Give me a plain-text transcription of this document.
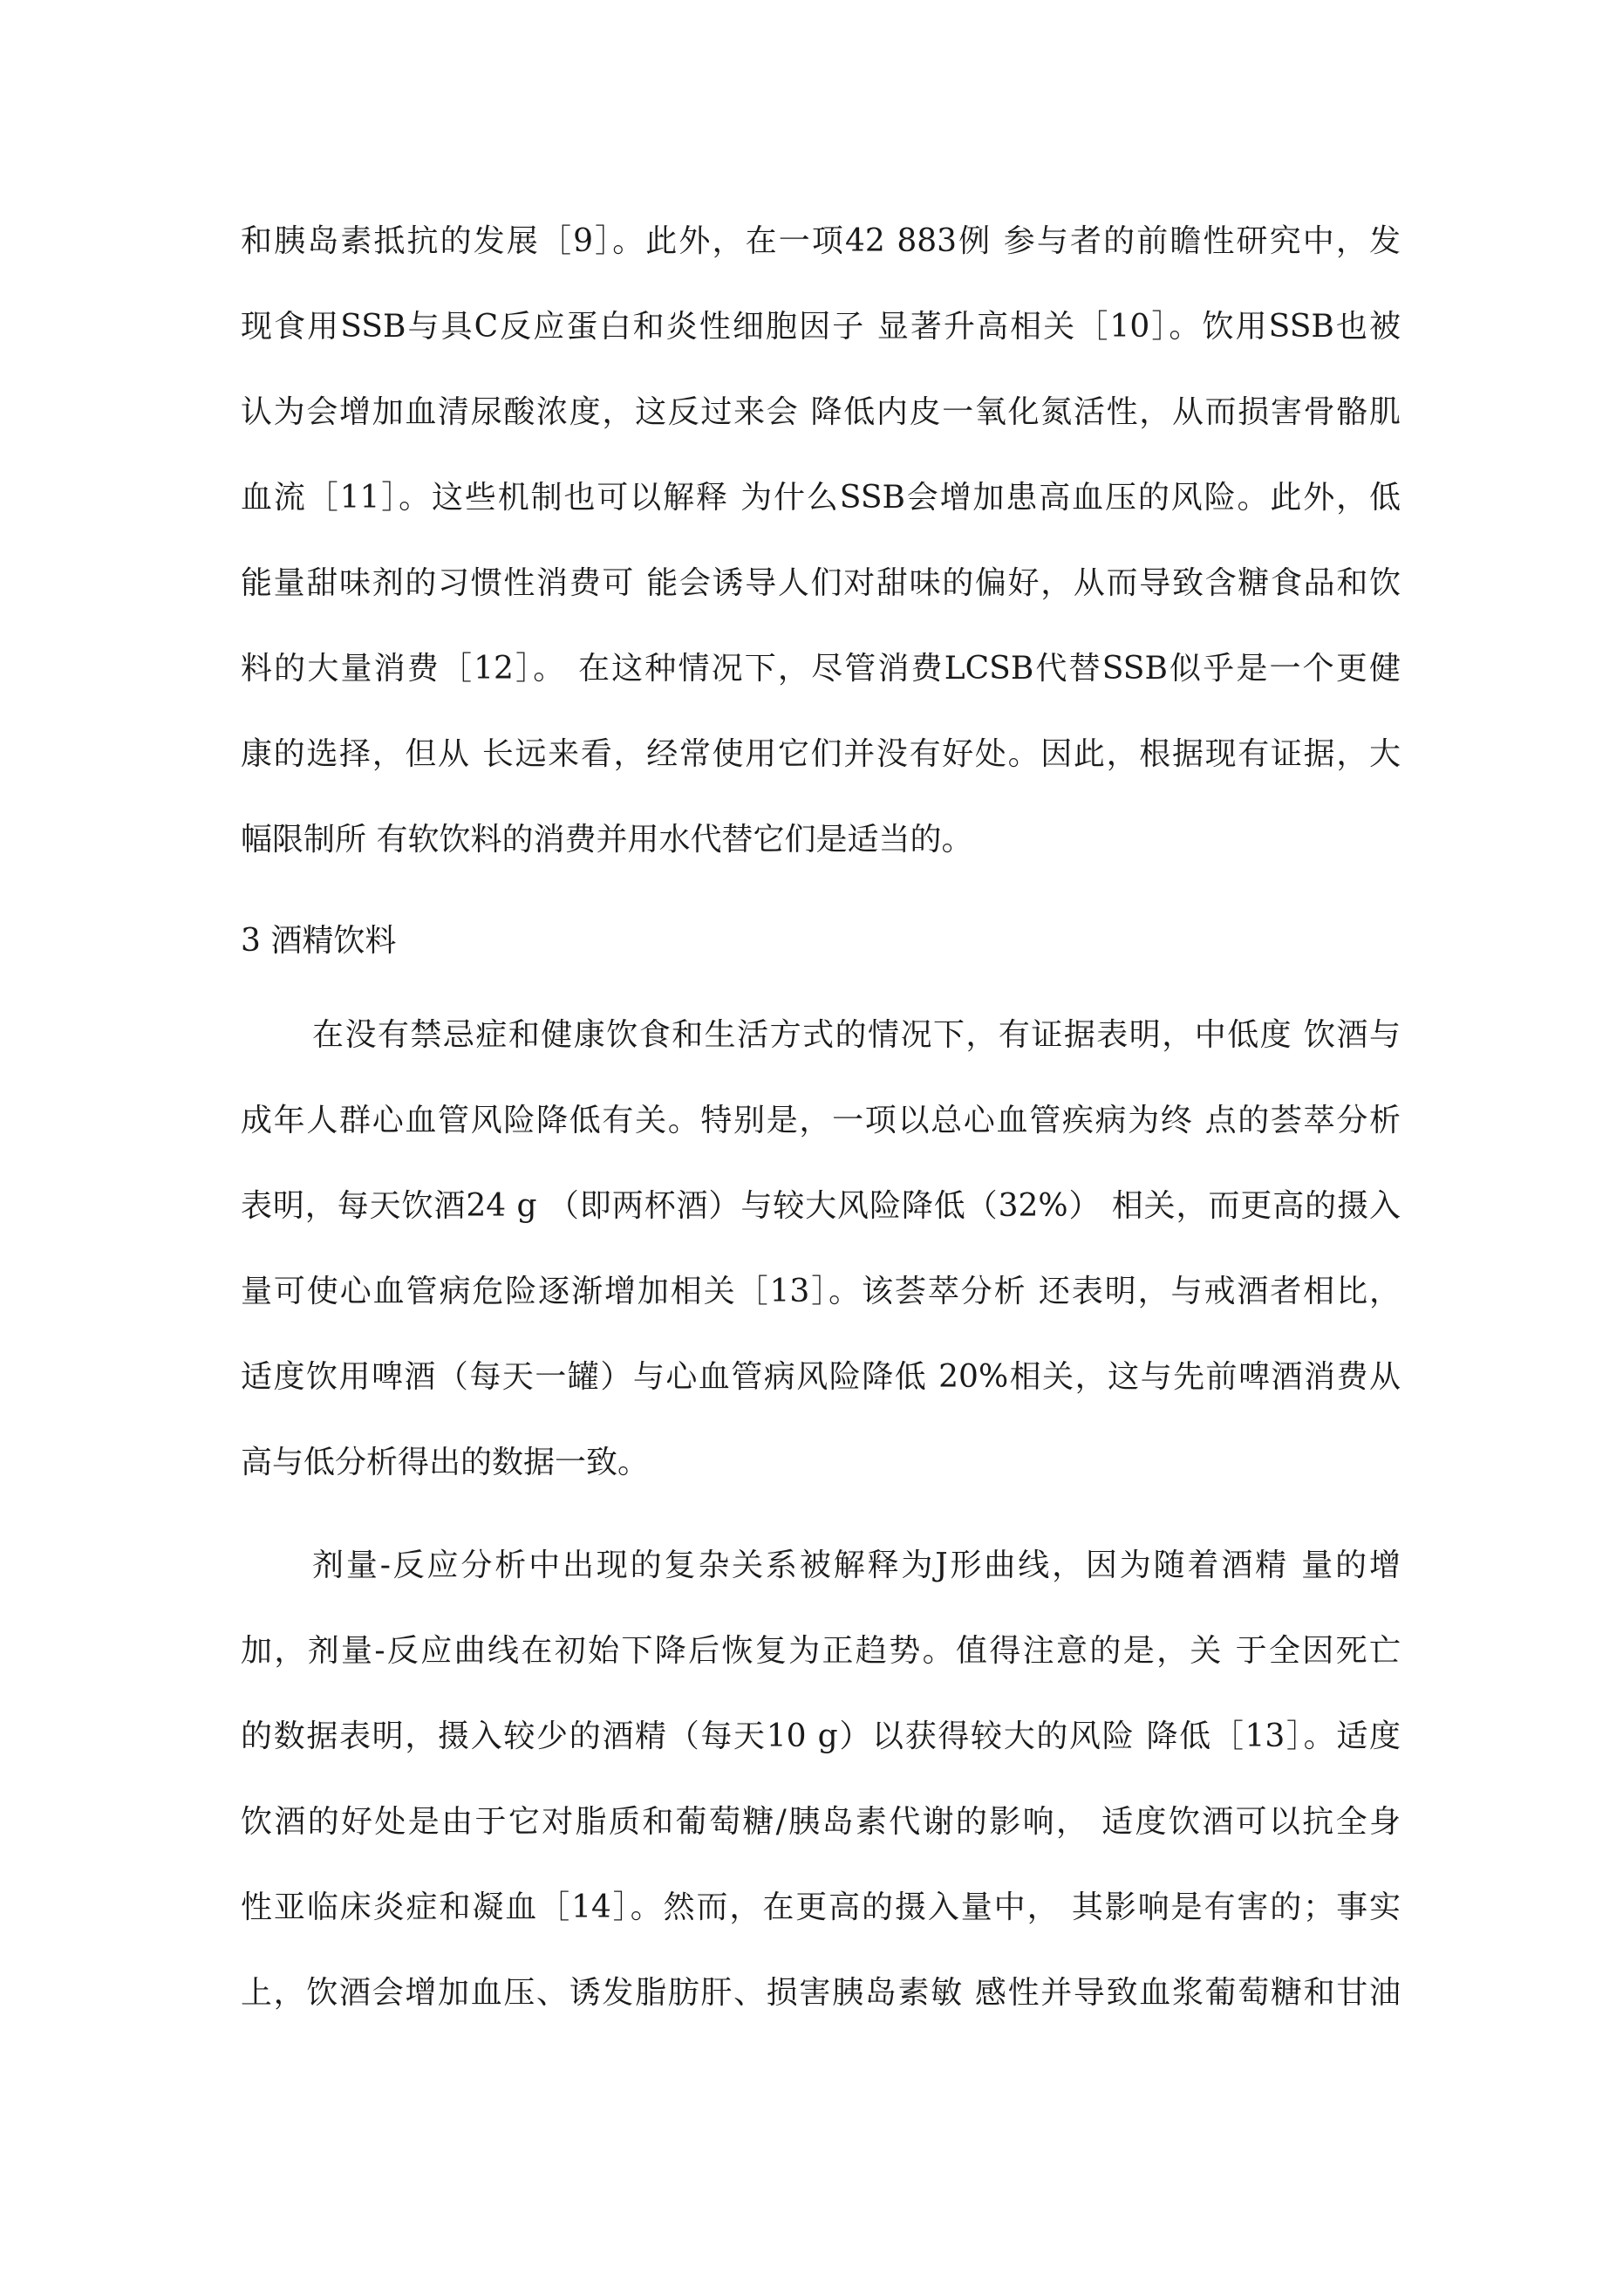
和胰岛素抵抗的发展［9］。此外，在一项42 883例 参与者的前瞻性研究中，发
现食用SSB与具C反应蛋白和炎性细胞因子 显著升高相关［10］。饮用SSB也被
认为会增加血清尿酸浓度，这反过来会 降低内皮一氧化氮活性，从而损害骨骼肌
血流［11］。这些机制也可以解释 为什么SSB会增加患高血压的风险。此外，低
能量甜味剂的习惯性消费可 能会诱导人们对甜味的偏好，从而导致含糖食品和饮
料的大量消费［12］。 在这种情况下，尽管消费LCSB代替SSB似乎是一个更健
康的选择，但从 长远来看，经常使用它们并没有好处。因此，根据现有证据，大
幅限制所 有软饮料的消费并用水代替它们是适当的。
3 酒精饮料
在没有禁忌症和健康饮食和生活方式的情况下，有证据表明，中低度 饮酒与
成年人群心血管风险降低有关。特别是，一项以总心血管疾病为终 点的荟萃分析
表明，每天饮酒24 g （即两杯酒）与较大风险降低（32%） 相关，而更高的摄入
量可使心血管病危险逐渐增加相关［13］。该荟萃分析 还表明，与戒酒者相比，
适度饮用啤酒（每天一罐）与心血管病风险降低 20%相关，这与先前啤酒消费从
高与低分析得出的数据一致。
剂量-反应分析中出现的复杂关系被解释为J形曲线，因为随着酒精 量的增
加，剂量-反应曲线在初始下降后恢复为正趋势。值得注意的是，关 于全因死亡
的数据表明，摄入较少的酒精（每天10 g）以获得较大的风险 降低［13］。适度
饮酒的好处是由于它对脂质和葡萄糖/胰岛素代谢的影响， 适度饮酒可以抗全身
性亚临床炎症和凝血［14］。然而，在更高的摄入量中， 其影响是有害的；事实
上，饮酒会增加血压、诱发脂肪肝、损害胰岛素敏 感性并导致血浆葡萄糖和甘油
